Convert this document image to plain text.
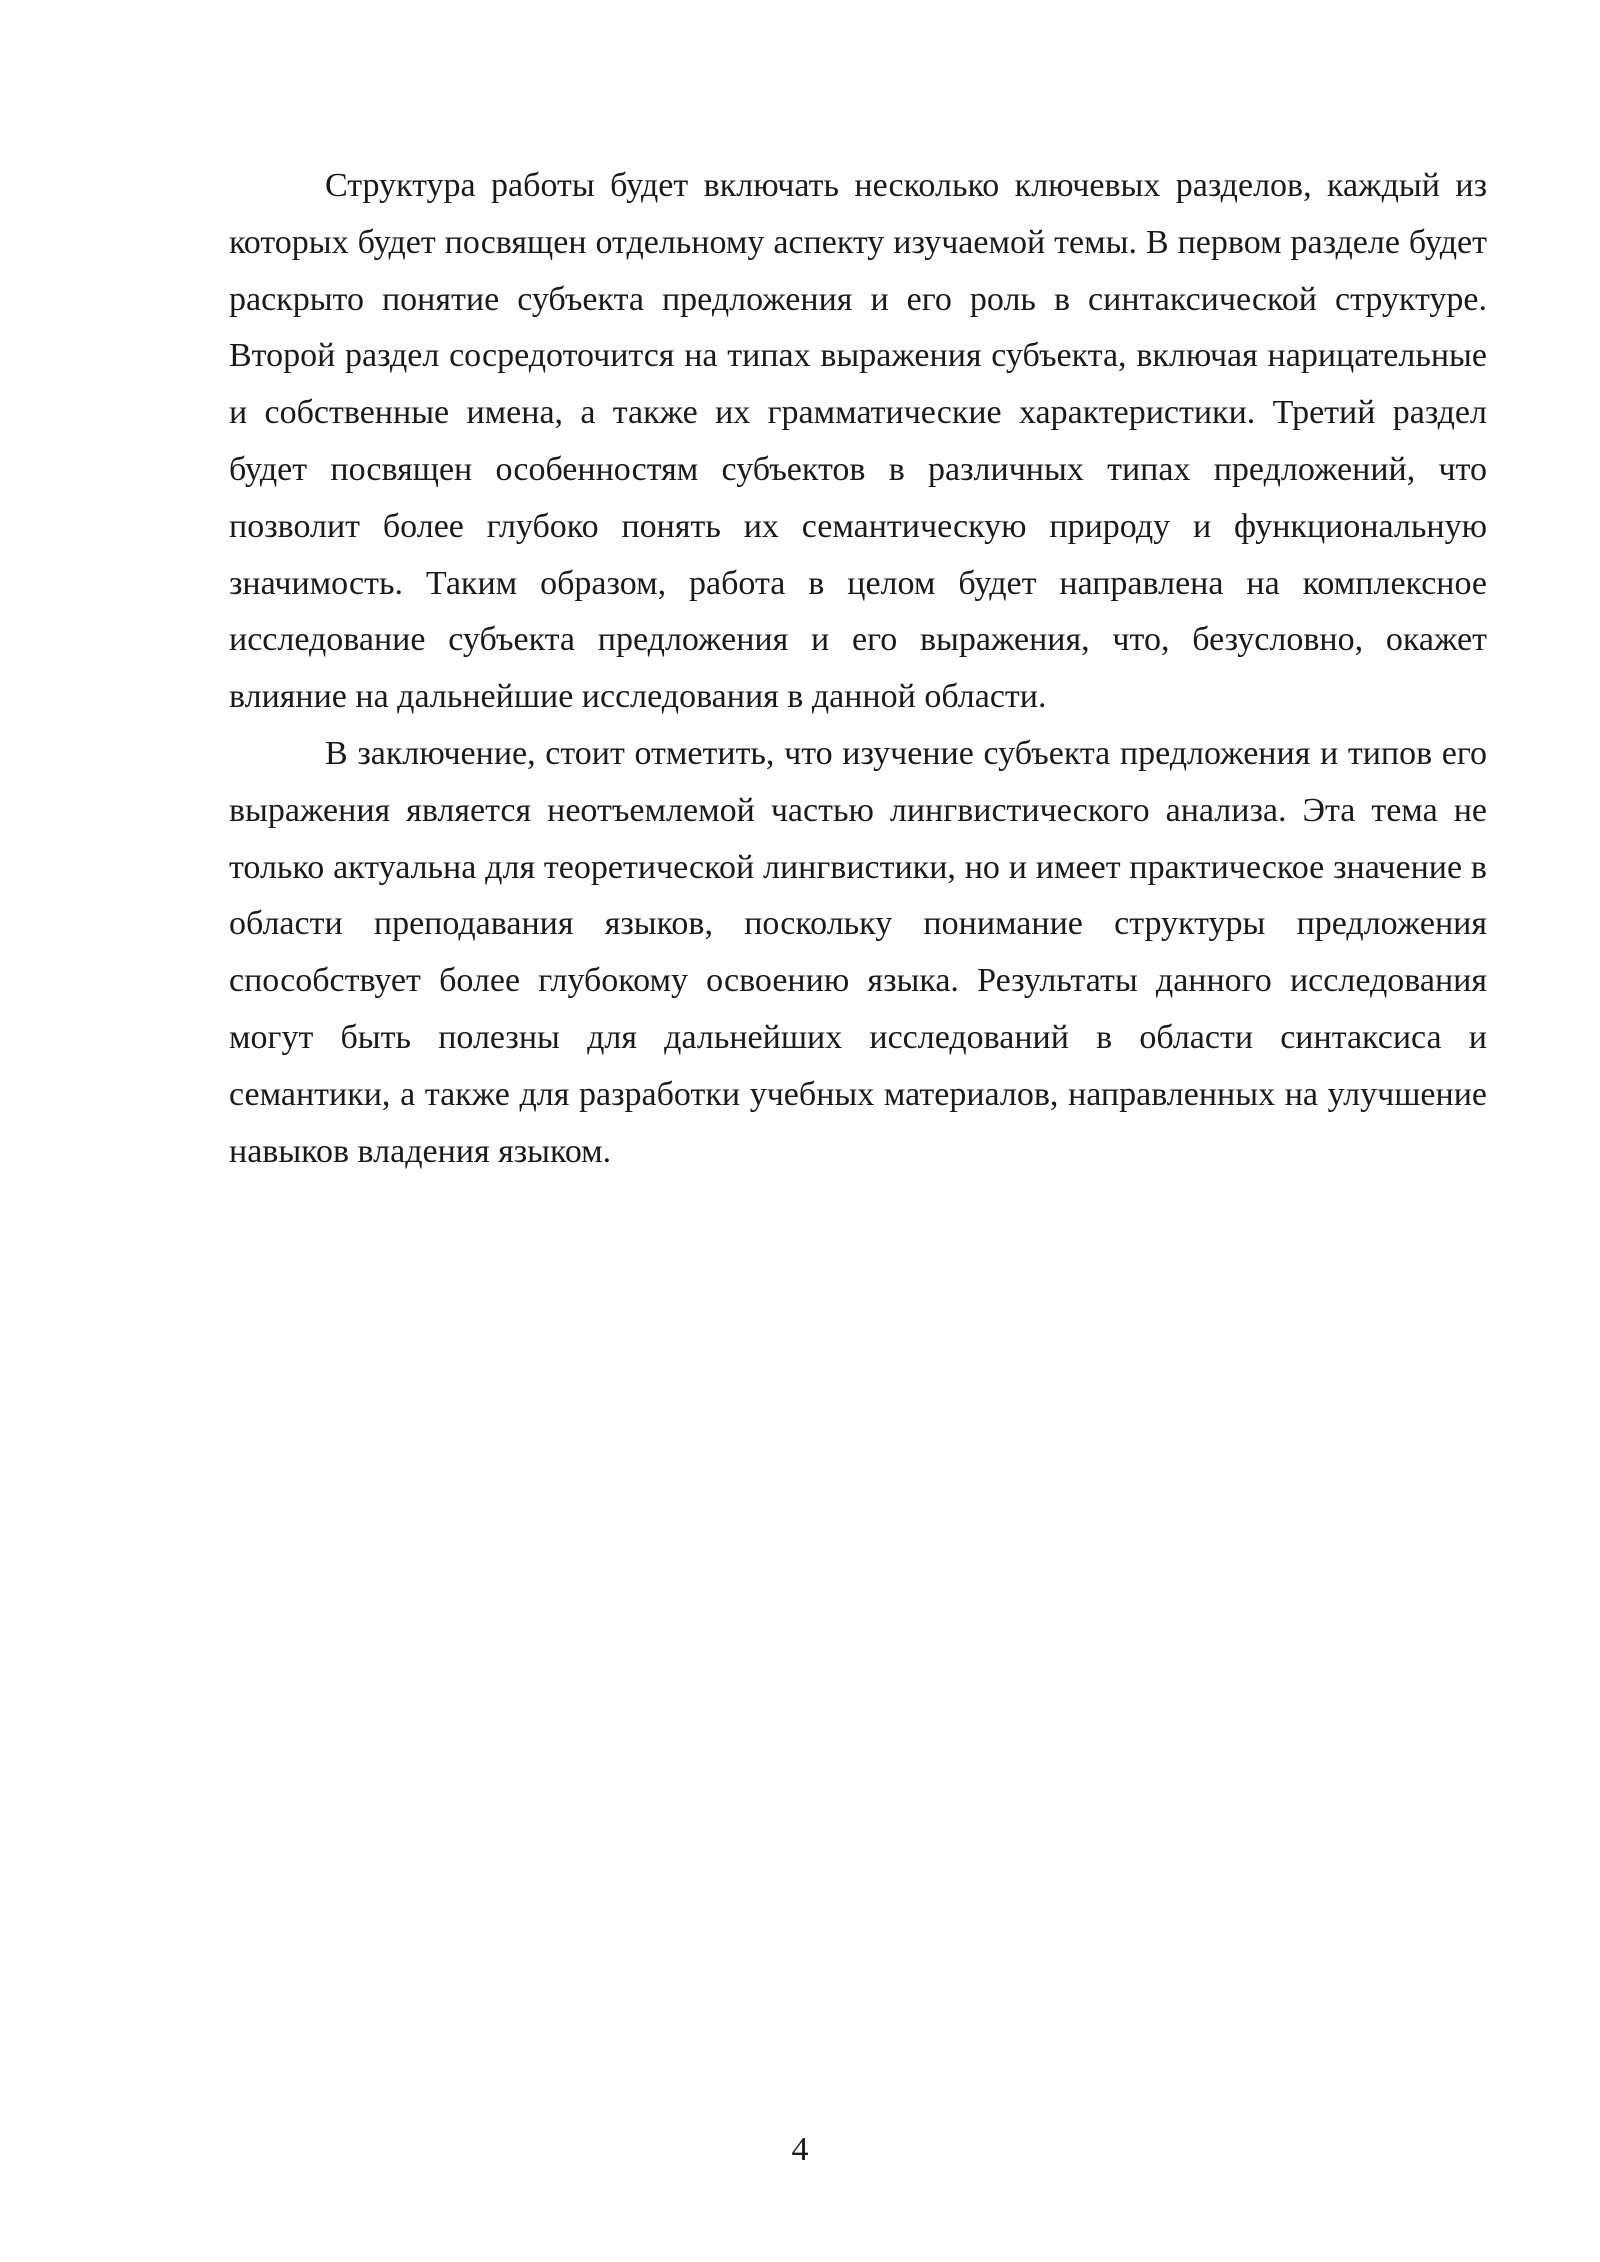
Структура работы будет включать несколько ключевых разделов, каждый из которых будет посвящен отдельному аспекту изучаемой темы. В первом разделе будет раскрыто понятие субъекта предложения и его роль в синтаксической структуре. Второй раздел сосредоточится на типах выражения субъекта, включая нарицательные и собственные имена, а также их грамматические характеристики. Третий раздел будет посвящен особенностям субъектов в различных типах предложений, что позволит более глубоко понять их семантическую природу и функциональную значимость. Таким образом, работа в целом будет направлена на комплексное исследование субъекта предложения и его выражения, что, безусловно, окажет влияние на дальнейшие исследования в данной области.

В заключение, стоит отметить, что изучение субъекта предложения и типов его выражения является неотъемлемой частью лингвистического анализа. Эта тема не только актуальна для теоретической лингвистики, но и имеет практическое значение в области преподавания языков, поскольку понимание структуры предложения способствует более глубокому освоению языка. Результаты данного исследования могут быть полезны для дальнейших исследований в области синтаксиса и семантики, а также для разработки учебных материалов, направленных на улучшение навыков владения языком.

4
